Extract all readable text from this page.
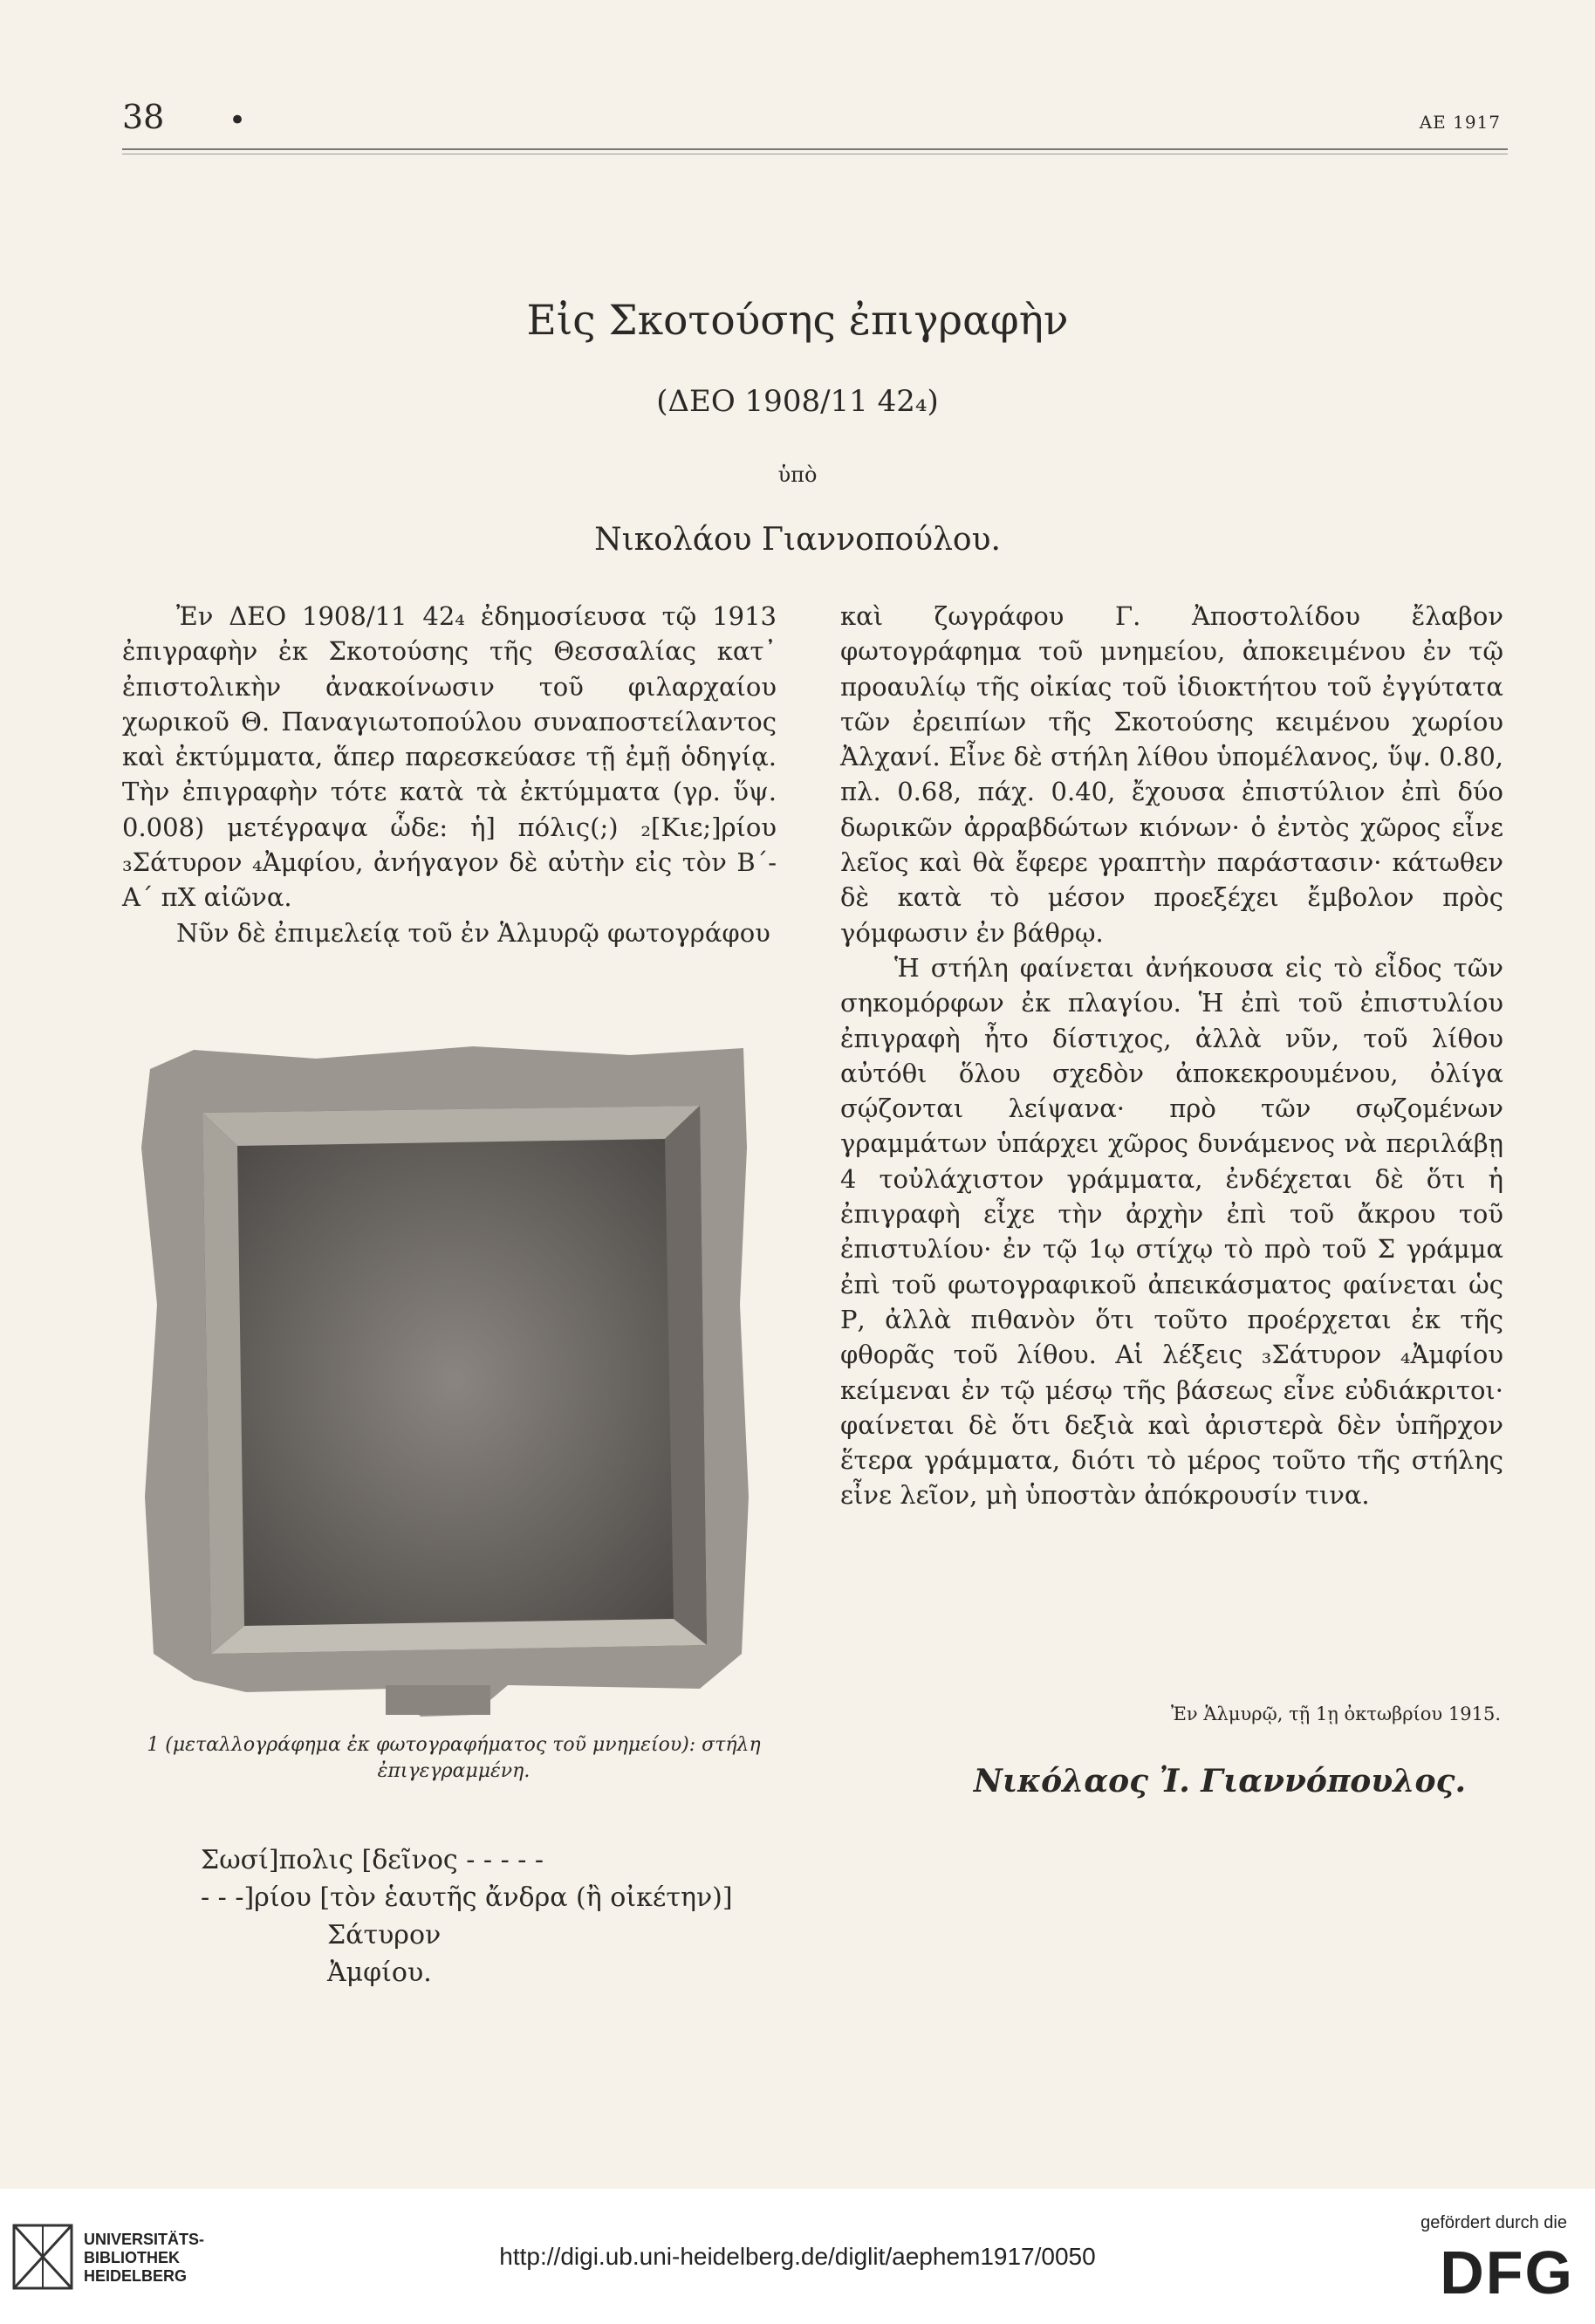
38 •	ΑΕ 1917
Εἰς Σκοτούσης ἐπιγραφὴν
(ΔΕΟ 1908/11 42₄)
ὑπὸ
Νικολάου Γιαννοπούλου.

Ἐν ΔΕΟ 1908/11 42₄ ἐδημοσίευσα τῷ 1913 ἐπιγραφὴν ἐκ Σκοτούσης τῆς Θεσσαλίας κατ᾽ ἐπιστολικὴν ἀνακοίνωσιν τοῦ φιλαρχαίου χωρικοῦ Θ. Παναγιωτοπούλου συναποστείλαντος καὶ ἐκτύμματα, ἅπερ παρεσκεύασε τῇ ἐμῇ ὁδηγίᾳ. Τὴν ἐπιγραφὴν τότε κατὰ τὰ ἐκτύμματα (γρ. ὕψ. 0.008) μετέγραψα ὧδε: ἡ] πόλις(;) ₂[Κιε;]ρίου ₃Σάτυρον ₄Ἀμφίου, ἀνήγαγον δὲ αὐτὴν εἰς τὸν Β΄-Α΄ πΧ αἰῶνα.

Νῦν δὲ ἐπιμελείᾳ τοῦ ἐν Ἁλμυρῷ φωτογράφου

1 (μεταλλογράφημα ἐκ φωτογραφήματος τοῦ μνημείου): στήλη ἐπιγεγραμμένη.

καὶ ζωγράφου Γ. Ἀποστολίδου ἔλαβον φωτογράφημα τοῦ μνημείου, ἀποκειμένου ἐν τῷ προαυλίῳ τῆς οἰκίας τοῦ ἰδιοκτήτου τοῦ ἐγγύτατα τῶν ἐρειπίων τῆς Σκοτούσης κειμένου χωρίου Ἀλχανί. Εἶνε δὲ στήλη λίθου ὑπομέλανος, ὕψ. 0.80, πλ. 0.68, πάχ. 0.40, ἔχουσα ἐπιστύλιον ἐπὶ δύο δωρικῶν ἀρραβδώτων κιόνων· ὁ ἐντὸς χῶρος εἶνε λεῖος καὶ θὰ ἔφερε γραπτὴν παράστασιν· κάτωθεν δὲ κατὰ τὸ μέσον προεξέχει ἔμβολον πρὸς γόμφωσιν ἐν βάθρῳ.

Ἡ στήλη φαίνεται ἀνήκουσα εἰς τὸ εἶδος τῶν σηκομόρφων ἐκ πλαγίου. Ἡ ἐπὶ τοῦ ἐπιστυλίου ἐπιγραφὴ ἦτο δίστιχος, ἀλλὰ νῦν, τοῦ λίθου αὐτόθι ὅλου σχεδὸν ἀποκεκρουμένου, ὀλίγα σῴζονται λείψανα· πρὸ τῶν σῳζομένων γραμμάτων ὑπάρχει χῶρος δυνάμενος νὰ περιλάβῃ 4 τοὐλάχιστον γράμματα, ἐνδέχεται δὲ ὅτι ἡ ἐπιγραφὴ εἶχε τὴν ἀρχὴν ἐπὶ τοῦ ἄκρου τοῦ ἐπιστυλίου· ἐν τῷ 1ῳ στίχῳ τὸ πρὸ τοῦ Σ γράμμα ἐπὶ τοῦ φωτογραφικοῦ ἀπεικάσματος φαίνεται ὡς Ρ, ἀλλὰ πιθανὸν ὅτι τοῦτο προέρχεται ἐκ τῆς φθορᾶς τοῦ λίθου. Αἱ λέξεις ₃Σάτυρον ₄Ἀμφίου κείμεναι ἐν τῷ μέσῳ τῆς βάσεως εἶνε εὐδιάκριτοι· φαίνεται δὲ ὅτι δεξιὰ καὶ ἀριστερὰ δὲν ὑπῆρχον ἕτερα γράμματα, διότι τὸ μέρος τοῦτο τῆς στήλης εἶνε λεῖον, μὴ ὑποστὰν ἀπόκρουσίν τινα.

Ἐν Ἁλμυρῷ, τῇ 1ῃ ὀκτωβρίου 1915.
Νικόλαος Ἰ. Γιαννόπουλος.
Σωσί]πολις [δεῖνος - - - - -
- - -]ρίου [τὸν ἑαυτῆς ἄνδρα (ἢ οἰκέτην)]
Σάτυρον
Ἀμφίου.
UNIVERSITÄTS-
BIBLIOTHEK
HEIDELBERG
http://digi.ub.uni-heidelberg.de/diglit/aephem1917/0050
gefördert durch die
DFG
